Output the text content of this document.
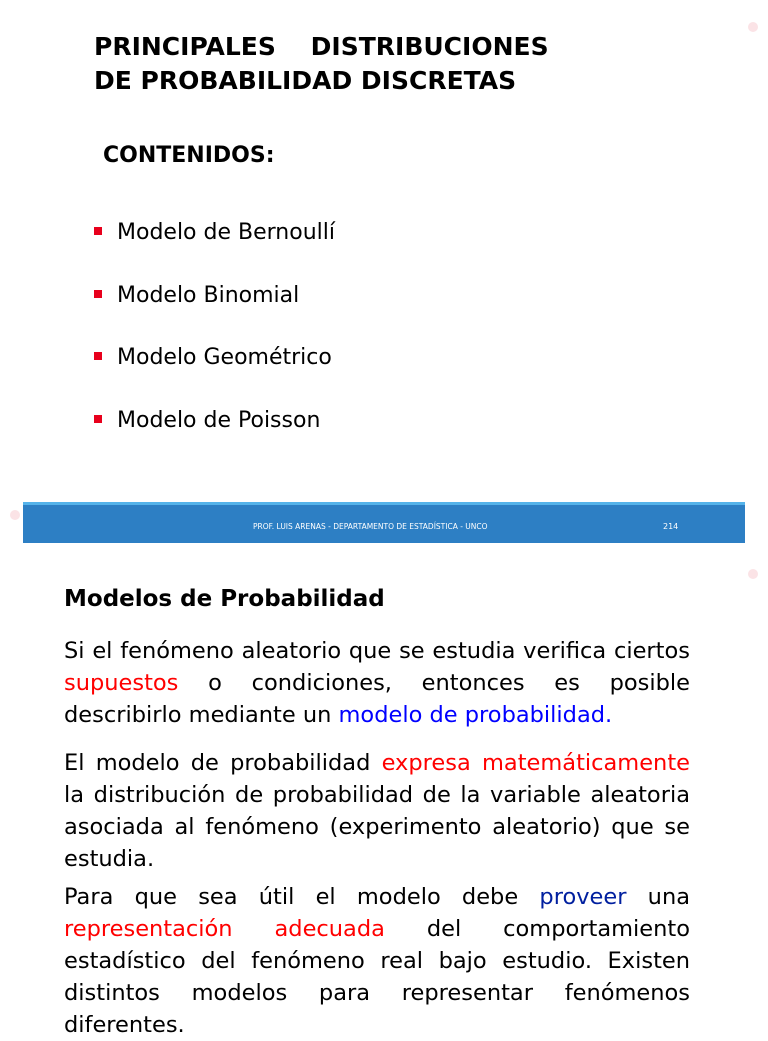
PRINCIPALES    DISTRIBUCIONES
DE PROBABILIDAD DISCRETAS
CONTENIDOS:
Modelo de Bernoullí
Modelo Binomial
Modelo Geométrico
Modelo de Poisson
PROF. LUIS ARENAS - DEPARTAMENTO DE ESTADÍSTICA - UNCO	214
Modelos de Probabilidad

Si el fenómeno aleatorio que se estudia verifica ciertos supuestos o condiciones, entonces es posible describirlo mediante un modelo de probabilidad.

El modelo de probabilidad expresa matemáticamente la distribución de probabilidad de la variable aleatoria asociada al fenómeno (experimento aleatorio) que se estudia.

Para que sea útil el modelo debe proveer una representación adecuada del comportamiento estadístico del fenómeno real bajo estudio. Existen distintos modelos para representar fenómenos diferentes.
